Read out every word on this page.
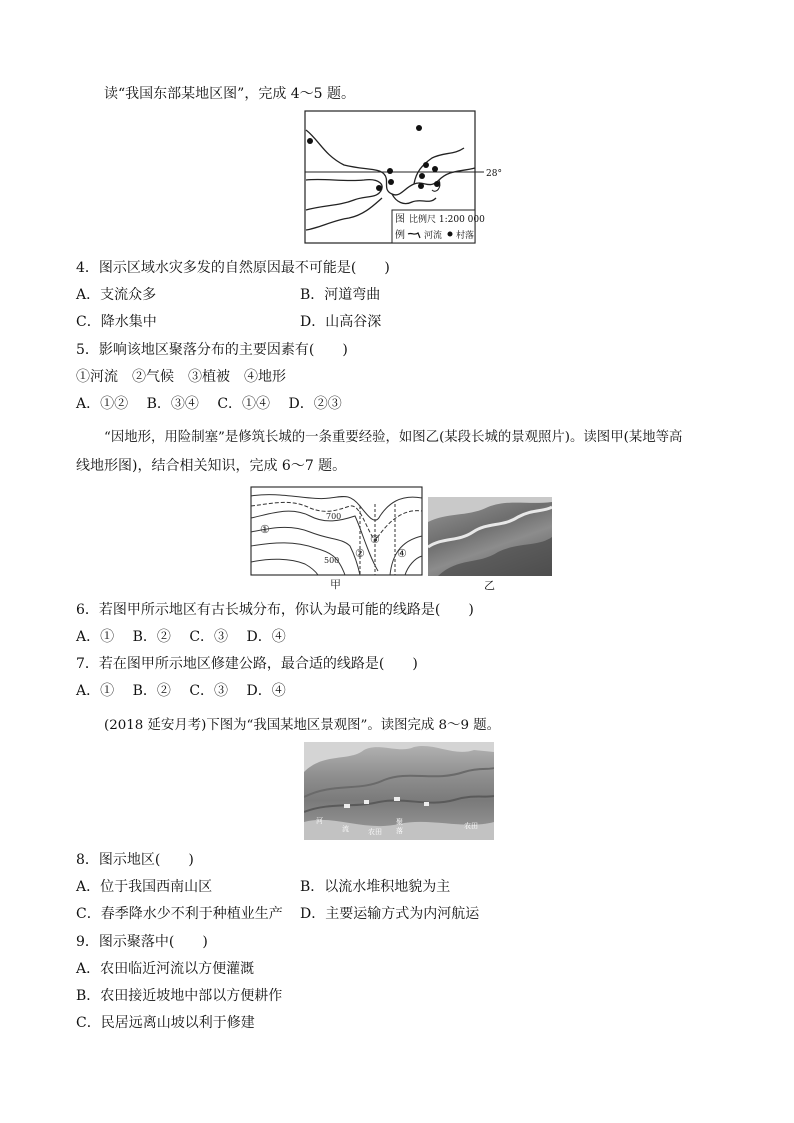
读“我国东部某地区图”，完成 4～5 题。
28°
图
例
比例尺 1:200 000
河流 村落
4．图示区域水灾多发的自然原因最不可能是(　　)
A．支流众多	B．河道弯曲
C．降水集中	D．山高谷深
5．影响该地区聚落分布的主要因素有(　　)
①河流　②气候　③植被　④地形
A．①② B．③④ C．①④ D．②③
“因地形，用险制塞”是修筑长城的一条重要经验，如图乙(某段长城的景观照片)。读图甲(某地等高
线地形图)，结合相关知识，完成 6～7 题。
700
500
①
②
③
④
甲	乙
6．若图甲所示地区有古长城分布，你认为最可能的线路是(　　)
A．① B．② C．③ D．④
7．若在图甲所示地区修建公路，最合适的线路是(　　)
A．① B．② C．③ D．④
(2018 延安月考)下图为“我国某地区景观图”。读图完成 8～9 题。
河
流	农田
聚
落
农田
8．图示地区(　　)
A．位于我国西南山区	B．以流水堆积地貌为主
C．春季降水少不利于种植业生产 D．主要运输方式为内河航运
9．图示聚落中(　　)
A．农田临近河流以方便灌溉
B．农田接近坡地中部以方便耕作
C．民居远离山坡以利于修建
